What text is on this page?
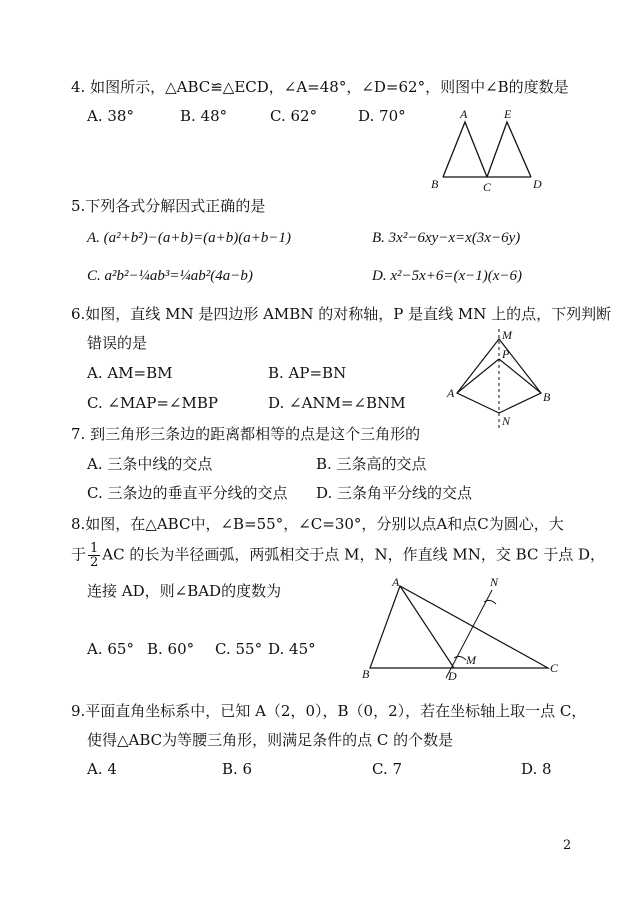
4. 如图所示，△ABC≌△ECD，∠A=48°，∠D=62°，则图中∠B的度数是
A. 38°	B. 48°	C. 62°	D. 70°	A	E
B	C	D
5.下列各式分解因式正确的是
A. (a²+b²)−(a+b)=(a+b)(a+b−1)	B. 3x²−6xy−x=x(3x−6y)
C. a²b²−¼ab³=¼ab²(4a−b)	D. x²−5x+6=(x−1)(x−6)
6.如图，直线 MN 是四边形 AMBN 的对称轴，P 是直线 MN 上的点，下列判断
错误的是
A. AM=BM	B. AP=BN
C. ∠MAP=∠MBP	D. ∠ANM=∠BNM
M
P
A	B
N
7. 到三角形三条边的距离都相等的点是这个三角形的
A. 三条中线的交点	B. 三条高的交点
C. 三条边的垂直平分线的交点 D. 三条角平分线的交点
8.如图，在△ABC中，∠B=55°，∠C=30°，分别以点A和点C为圆心，大
于 $\frac{1}{2}$ AC 的长为半径画弧，两弧相交于点 M，N，作直线 MN，交 BC 于点 D，
连接 AD，则∠BAD的度数为
A. 65° B. 60° C. 55° D. 45°
A	N
M
B	D
C
9.平面直角坐标系中，已知 A（2，0），B（0，2），若在坐标轴上取一点 C，
使得△ABC为等腰三角形，则满足条件的点 C 的个数是
A. 4	B. 6	C. 7	D. 8
2
